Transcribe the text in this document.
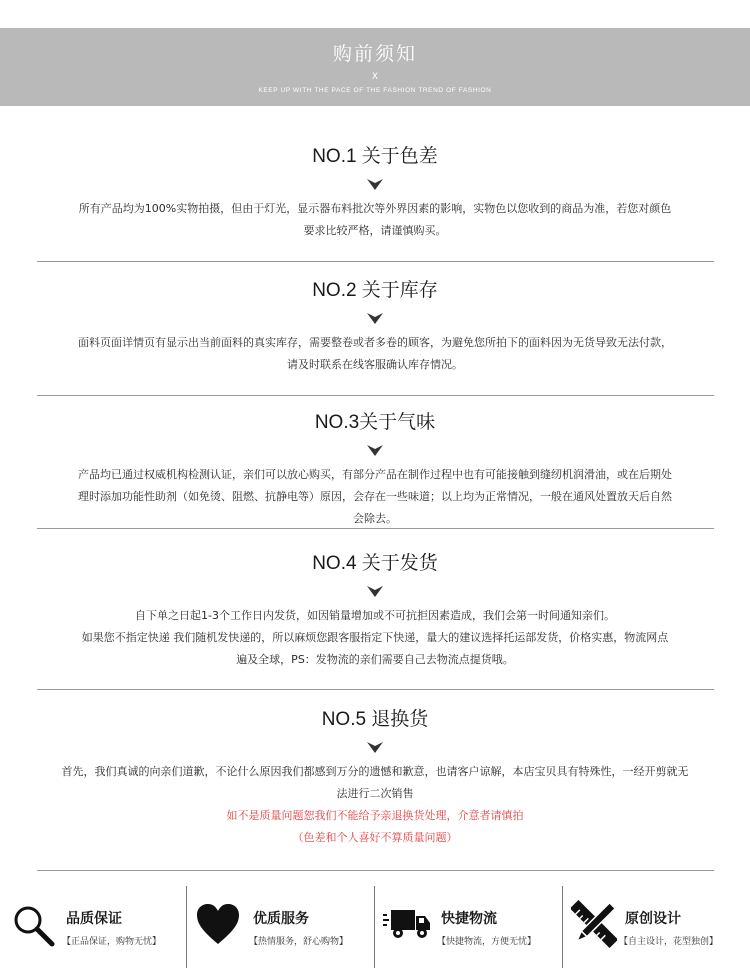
购前须知
X
KEEP UP WITH THE PACE OF THE FASHION TREND OF FASHION
NO.1 关于色差

所有产品均为100%实物拍摄，但由于灯光，显示器布料批次等外界因素的影响，实物色以您收到的商品为准，若您对颜色

要求比较严格，请谨慎购买。

NO.2 关于库存

面料页面详情页有显示出当前面料的真实库存，需要整卷或者多卷的顾客，为避免您所拍下的面料因为无货导致无法付款，

请及时联系在线客服确认库存情况。

NO.3关于气味

产品均已通过权威机构检测认证，亲们可以放心购买，有部分产品在制作过程中也有可能接触到缝纫机润滑油，或在后期处

理时添加功能性助剂（如免烫、阻燃、抗静电等）原因，会存在一些味道；以上均为正常情况，一般在通风处置放天后自然

会除去。

NO.4 关于发货

自下单之日起1-3个工作日内发货，如因销量增加或不可抗拒因素造成，我们会第一时间通知亲们。

如果您不指定快递 我们随机发快递的，所以麻烦您跟客服指定下快递，量大的建议选择托运部发货，价格实惠，物流网点

遍及全球，PS：发物流的亲们需要自己去物流点提货哦。

NO.5 退换货

首先，我们真诚的向亲们道歉，不论什么原因我们都感到万分的遗憾和歉意，也请客户谅解，本店宝贝具有特殊性，一经开剪就无

法进行二次销售

如不是质量问题恕我们不能给予亲退换货处理，介意者请慎拍

（色差和个人喜好不算质量问题）

品质保证
【正品保证，购物无忧】
优质服务
【热情服务，舒心购物】
快捷物流
【快捷物流，方便无忧】
原创设计
【自主设计，花型独创】
